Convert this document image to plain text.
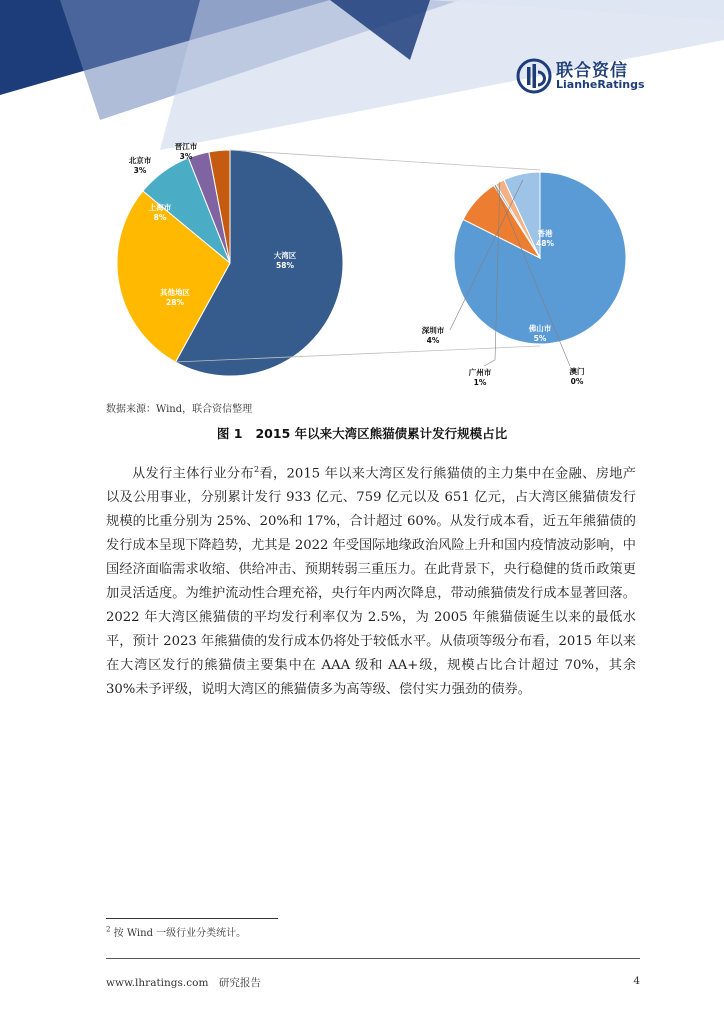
联合资信
LianheRatings
大湾区 58%
其他地区 28%
上海市 8%
北京市 3%
晋江市 3%
香港 48%
佛山市 5%
澳门 0%
广州市 1%
深圳市 4%
数据来源：Wind，联合资信整理
图 1 2015 年以来大湾区熊猫债累计发行规模占比
从发行主体行业分布$^2$看，2015 年以来大湾区发行熊猫债的主力集中在金融、房地产以及公用事业，分别累计发行 933 亿元、759 亿元以及 651 亿元，占大湾区熊猫债发行规模的比重分别为 25%、20%和 17%，合计超过 60%。从发行成本看，近五年熊猫债的发行成本呈现下降趋势，尤其是 2022 年受国际地缘政治风险上升和国内疫情波动影响，中国经济面临需求收缩、供给冲击、预期转弱三重压力。在此背景下，央行稳健的货币政策更加灵活适度。为维护流动性合理充裕，央行年内两次降息，带动熊猫债发行成本显著回落。2022 年大湾区熊猫债的平均发行利率仅为 2.5%，为 2005 年熊猫债诞生以来的最低水平，预计 2023 年熊猫债的发行成本仍将处于较低水平。从债项等级分布看，2015 年以来在大湾区发行的熊猫债主要集中在 AAA 级和 AA+级，规模占比合计超过 70%，其余 30%未予评级，说明大湾区的熊猫债多为高等级、偿付实力强劲的债券。
$^2$ 按 Wind 一级行业分类统计。
www.lhratings.com　研究报告	4
